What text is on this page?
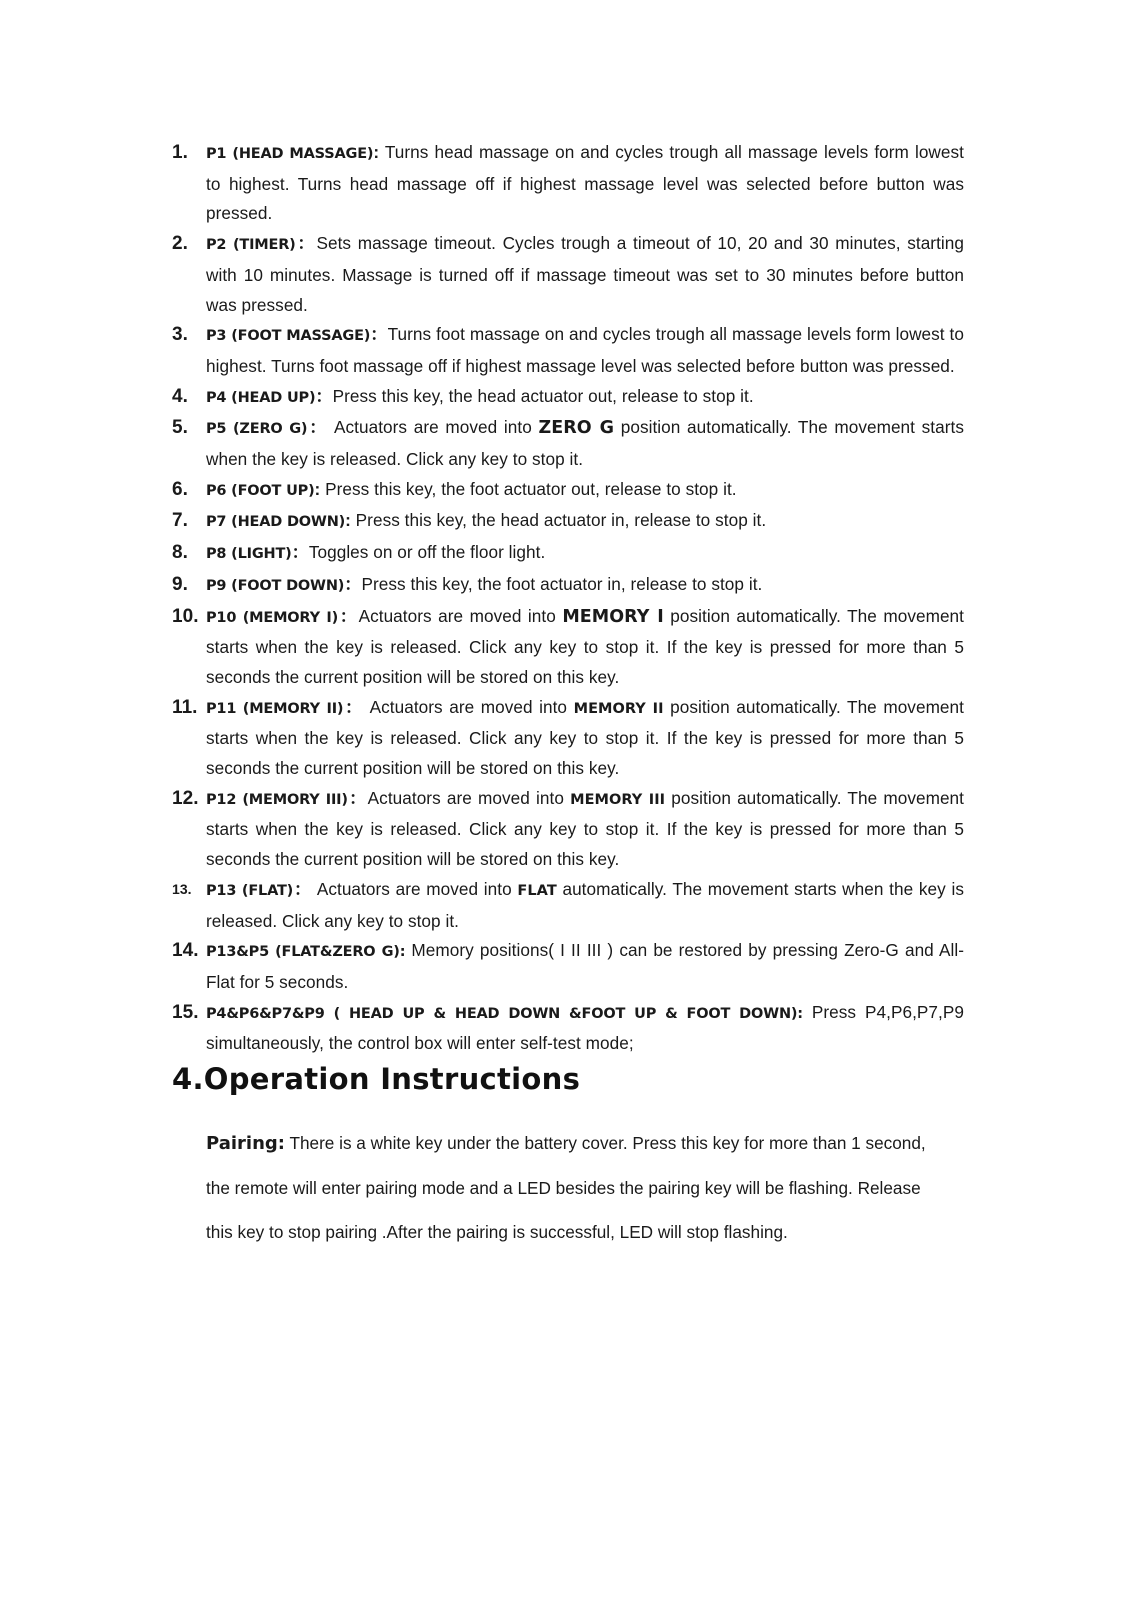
1. P1 (HEAD MASSAGE): Turns head massage on and cycles trough all massage levels form lowest to highest. Turns head massage off if highest massage level was selected before button was pressed.
2. P2 (TIMER)：Sets massage timeout. Cycles trough a timeout of 10, 20 and 30 minutes, starting with 10 minutes. Massage is turned off if massage timeout was set to 30 minutes before button was pressed.
3. P3 (FOOT MASSAGE)：Turns foot massage on and cycles trough all massage levels form lowest to highest. Turns foot massage off if highest massage level was selected before button was pressed.
4. P4 (HEAD UP)：Press this key, the head actuator out, release to stop it.
5. P5 (ZERO G)： Actuators are moved into ZERO G position automatically. The movement starts when the key is released. Click any key to stop it.
6. P6 (FOOT UP): Press this key, the foot actuator out, release to stop it.
7. P7 (HEAD DOWN): Press this key, the head actuator in, release to stop it.
8. P8 (LIGHT)：Toggles on or off the floor light.
9. P9 (FOOT DOWN)：Press this key, the foot actuator in, release to stop it.
10. P10 (MEMORY I)：Actuators are moved into MEMORY I position automatically. The movement starts when the key is released. Click any key to stop it. If the key is pressed for more than 5 seconds the current position will be stored on this key.
11. P11 (MEMORY II)： Actuators are moved into MEMORY II position automatically. The movement starts when the key is released. Click any key to stop it. If the key is pressed for more than 5 seconds the current position will be stored on this key.
12. P12 (MEMORY III)：Actuators are moved into MEMORY III position automatically. The movement starts when the key is released. Click any key to stop it. If the key is pressed for more than 5 seconds the current position will be stored on this key.
13. P13 (FLAT)： Actuators are moved into FLAT automatically. The movement starts when the key is released. Click any key to stop it.
14. P13&P5 (FLAT&ZERO G): Memory positions( I II III ) can be restored by pressing Zero-G and All-Flat for 5 seconds.
15. P4&P6&P7&P9 ( HEAD UP & HEAD DOWN &FOOT UP & FOOT DOWN): Press P4,P6,P7,P9 simultaneously, the control box will enter self-test mode;
4.Operation Instructions

Pairing: There is a white key under the battery cover. Press this key for more than 1 second, the remote will enter pairing mode and a LED besides the pairing key will be flashing. Release this key to stop pairing .After the pairing is successful, LED will stop flashing.
